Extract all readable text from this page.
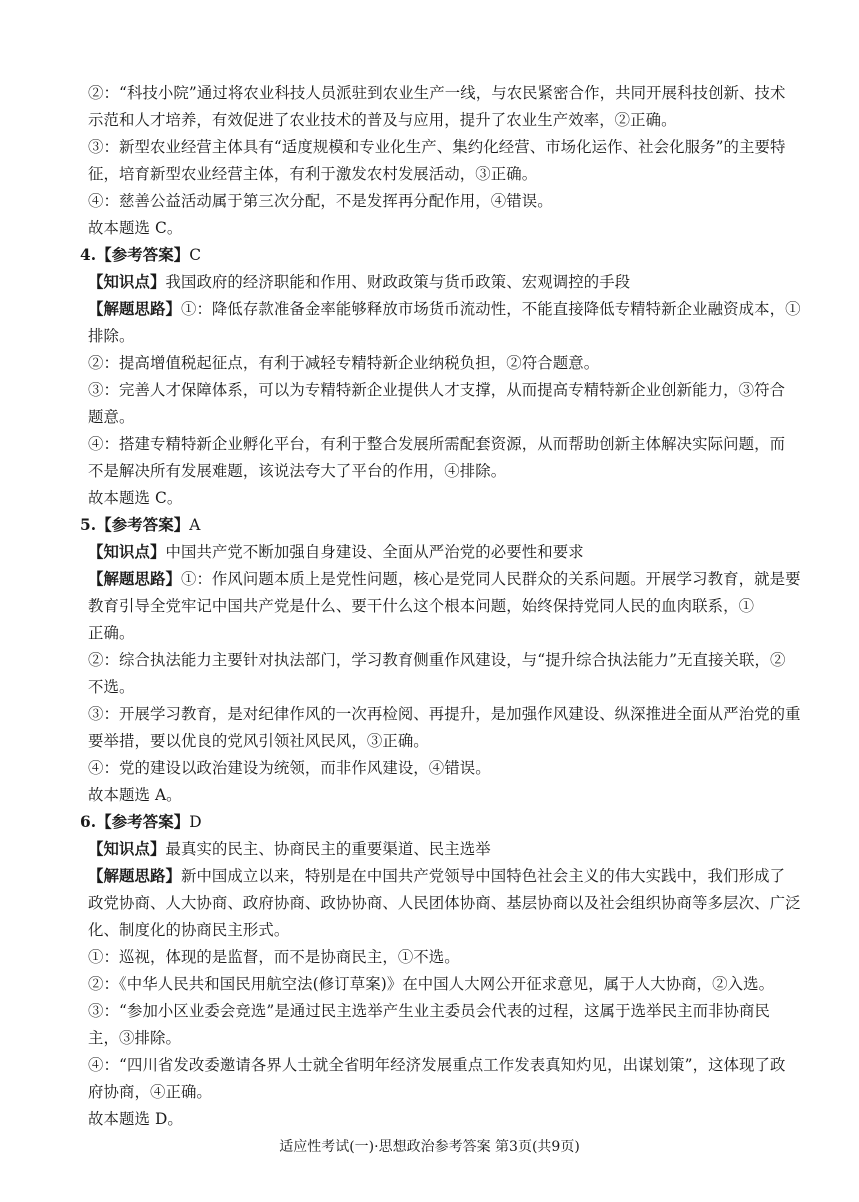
②：“科技小院”通过将农业科技人员派驻到农业生产一线，与农民紧密合作，共同开展科技创新、技术
示范和人才培养，有效促进了农业技术的普及与应用，提升了农业生产效率，②正确。
③：新型农业经营主体具有“适度规模和专业化生产、集约化经营、市场化运作、社会化服务”的主要特
征，培育新型农业经营主体，有利于激发农村发展活动，③正确。
④：慈善公益活动属于第三次分配，不是发挥再分配作用，④错误。
故本题选 C。
4.【参考答案】C
【知识点】我国政府的经济职能和作用、财政政策与货币政策、宏观调控的手段
【解题思路】①：降低存款准备金率能够释放市场货币流动性，不能直接降低专精特新企业融资成本，①
排除。
②：提高增值税起征点，有利于减轻专精特新企业纳税负担，②符合题意。
③：完善人才保障体系，可以为专精特新企业提供人才支撑，从而提高专精特新企业创新能力，③符合
题意。
④：搭建专精特新企业孵化平台，有利于整合发展所需配套资源，从而帮助创新主体解决实际问题，而
不是解决所有发展难题，该说法夸大了平台的作用，④排除。
故本题选 C。
5.【参考答案】A
【知识点】中国共产党不断加强自身建设、全面从严治党的必要性和要求
【解题思路】①：作风问题本质上是党性问题，核心是党同人民群众的关系问题。开展学习教育，就是要
教育引导全党牢记中国共产党是什么、要干什么这个根本问题，始终保持党同人民的血肉联系，①
正确。
②：综合执法能力主要针对执法部门，学习教育侧重作风建设，与“提升综合执法能力”无直接关联，②
不选。
③：开展学习教育，是对纪律作风的一次再检阅、再提升，是加强作风建设、纵深推进全面从严治党的重
要举措，要以优良的党风引领社风民风，③正确。
④：党的建设以政治建设为统领，而非作风建设，④错误。
故本题选 A。
6.【参考答案】D
【知识点】最真实的民主、协商民主的重要渠道、民主选举
【解题思路】新中国成立以来，特别是在中国共产党领导中国特色社会主义的伟大实践中，我们形成了
政党协商、人大协商、政府协商、政协协商、人民团体协商、基层协商以及社会组织协商等多层次、广泛
化、制度化的协商民主形式。
①：巡视，体现的是监督，而不是协商民主，①不选。
②：《中华人民共和国民用航空法(修订草案)》在中国人大网公开征求意见，属于人大协商，②入选。
③：“参加小区业委会竞选”是通过民主选举产生业主委员会代表的过程，这属于选举民主而非协商民
主，③排除。
④：“四川省发改委邀请各界人士就全省明年经济发展重点工作发表真知灼见，出谋划策”，这体现了政
府协商，④正确。
故本题选 D。
适应性考试(一)·思想政治参考答案 第3页(共9页)
